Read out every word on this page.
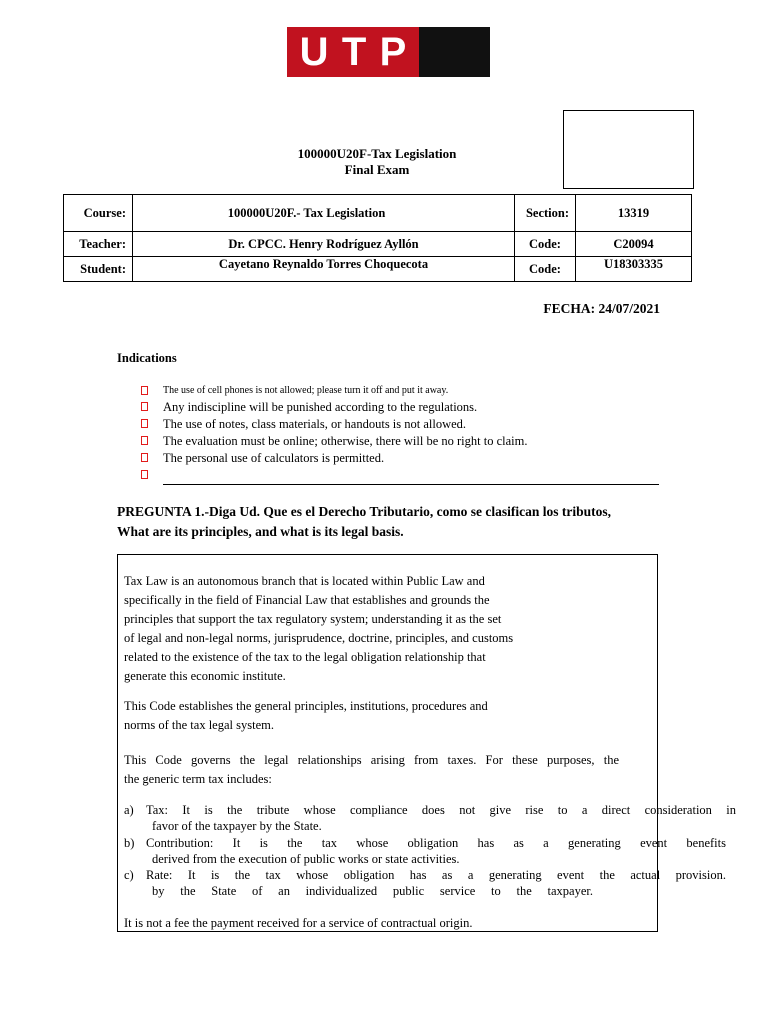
U T P
100000U20F-Tax Legislation
Final Exam
Course:	100000U20F.- Tax Legislation	Section:	13319
Teacher:	Dr. CPCC. Henry Rodríguez Ayllón	Code:	C20094
Student:	Cayetano Reynaldo Torres Choquecota	Code:	U18303335
FECHA: 24/07/2021
Indications
The use of cell phones is not allowed; please turn it off and put it away.
Any indiscipline will be punished according to the regulations.
The use of notes, class materials, or handouts is not allowed.
The evaluation must be online; otherwise, there will be no right to claim.
The personal use of calculators is permitted.
PREGUNTA 1.-Diga Ud. Que es el Derecho Tributario, como se clasifican los tributos,
What are its principles, and what is its legal basis.
Tax Law is an autonomous branch that is located within Public Law and
specifically in the field of Financial Law that establishes and grounds the
principles that support the tax regulatory system; understanding it as the set
of legal and non-legal norms, jurisprudence, doctrine, principles, and customs
related to the existence of the tax to the legal obligation relationship that
generate this economic institute.
This Code establishes the general principles, institutions, procedures and
norms of the tax legal system.
This Code governs the legal relationships arising from taxes. For these purposes, the
the generic term tax includes:
a) Tax: It is the tribute whose compliance does not give rise to a direct consideration in
favor of the taxpayer by the State.
b) Contribution: It is the tax whose obligation has as a generating event benefits
derived from the execution of public works or state activities.
c) Rate: It is the tax whose obligation has as a generating event the actual provision.
by the State of an individualized public service to the taxpayer.
It is not a fee the payment received for a service of contractual origin.
